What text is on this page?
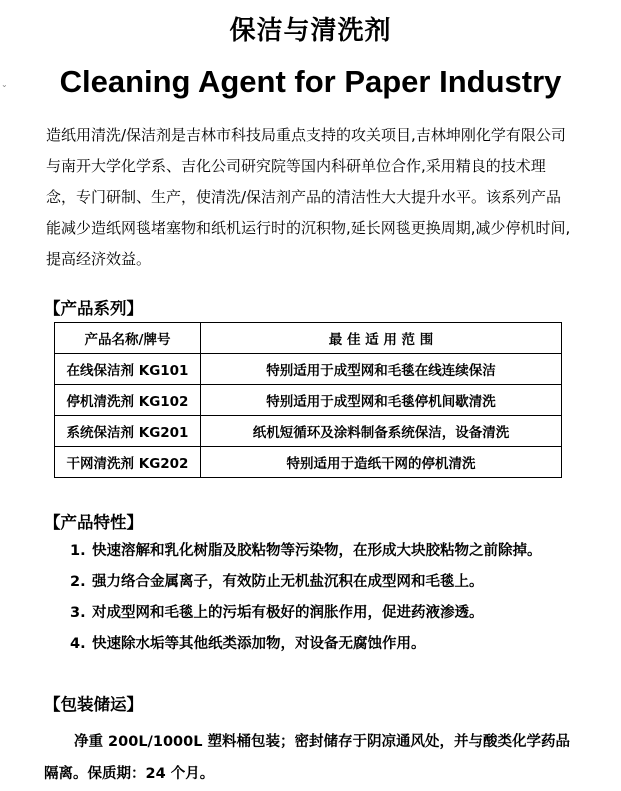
⌄
保洁与清洗剂
Cleaning Agent for Paper Industry

造纸用清洗/保洁剂是吉林市科技局重点支持的攻关项目,吉林坤刚化学有限公司与南开大学化学系、吉化公司研究院等国内科研单位合作,采用精良的技术理念，专门研制、生产，使清洗/保洁剂产品的清洁性大大提升水平。该系列产品能减少造纸网毯堵塞物和纸机运行时的沉积物,延长网毯更换周期,减少停机时间,提高经济效益。

【产品系列】
产品名称/牌号	最 佳 适 用 范 围
在线保洁剂 KG101	特别适用于成型网和毛毯在线连续保洁
停机清洗剂 KG102	特别适用于成型网和毛毯停机间歇清洗
系统保洁剂 KG201	纸机短循环及涂料制备系统保洁，设备清洗
干网清洗剂 KG202	特别适用于造纸干网的停机清洗
【产品特性】
1. 快速溶解和乳化树脂及胶粘物等污染物，在形成大块胶粘物之前除掉。
2. 强力络合金属离子，有效防止无机盐沉积在成型网和毛毯上。
3. 对成型网和毛毯上的污垢有极好的润胀作用，促进药液渗透。
4. 快速除水垢等其他纸类添加物，对设备无腐蚀作用。
【包装储运】

净重 200L/1000L 塑料桶包装；密封储存于阴凉通风处，并与酸类化学药品隔离。保质期：24 个月。
